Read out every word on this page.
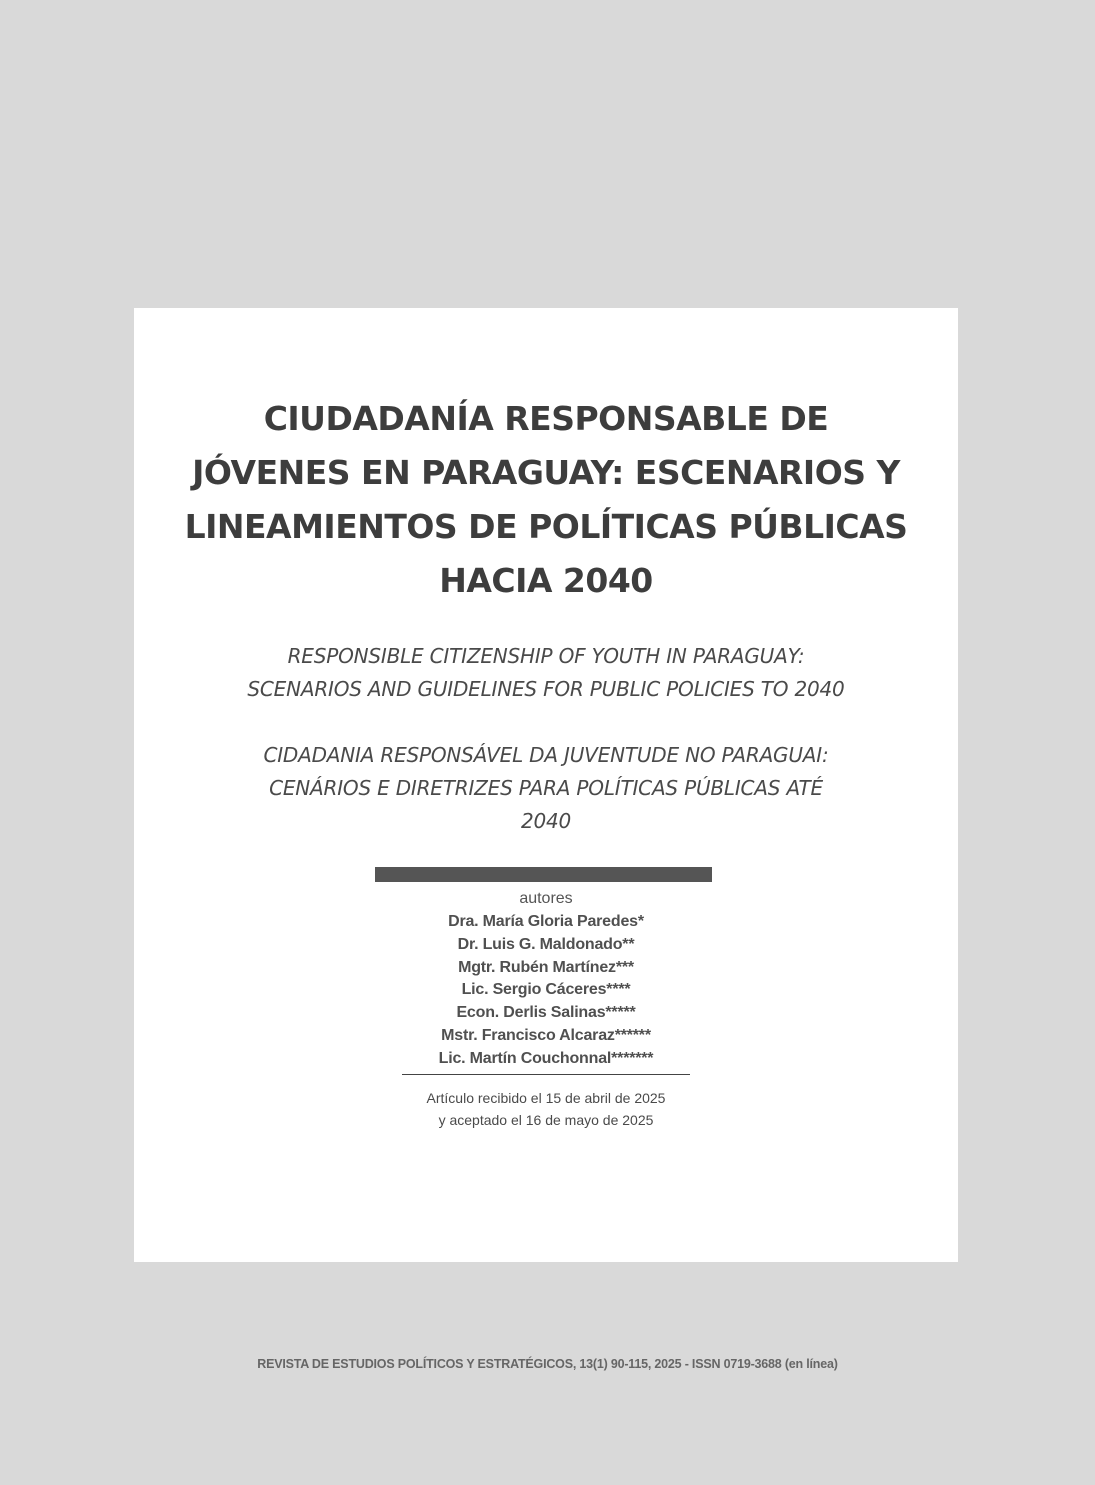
CIUDADANÍA RESPONSABLE DE
JÓVENES EN PARAGUAY: ESCENARIOS Y
LINEAMIENTOS DE POLÍTICAS PÚBLICAS
HACIA 2040
RESPONSIBLE CITIZENSHIP OF YOUTH IN PARAGUAY:
SCENARIOS AND GUIDELINES FOR PUBLIC POLICIES TO 2040
CIDADANIA RESPONSÁVEL DA JUVENTUDE NO PARAGUAI:
CENÁRIOS E DIRETRIZES PARA POLÍTICAS PÚBLICAS ATÉ
2040
autores
Dra. María Gloria Paredes*
Dr. Luis G. Maldonado**
Mgtr. Rubén Martínez***
Lic. Sergio Cáceres****
Econ. Derlis Salinas*****
Mstr. Francisco Alcaraz******
Lic. Martín Couchonnal*******
Artículo recibido el 15 de abril de 2025
y aceptado el 16 de mayo de 2025
REVISTA DE ESTUDIOS POLÍTICOS Y ESTRATÉGICOS, 13(1) 90-115, 2025 - ISSN 0719-3688 (en línea)
